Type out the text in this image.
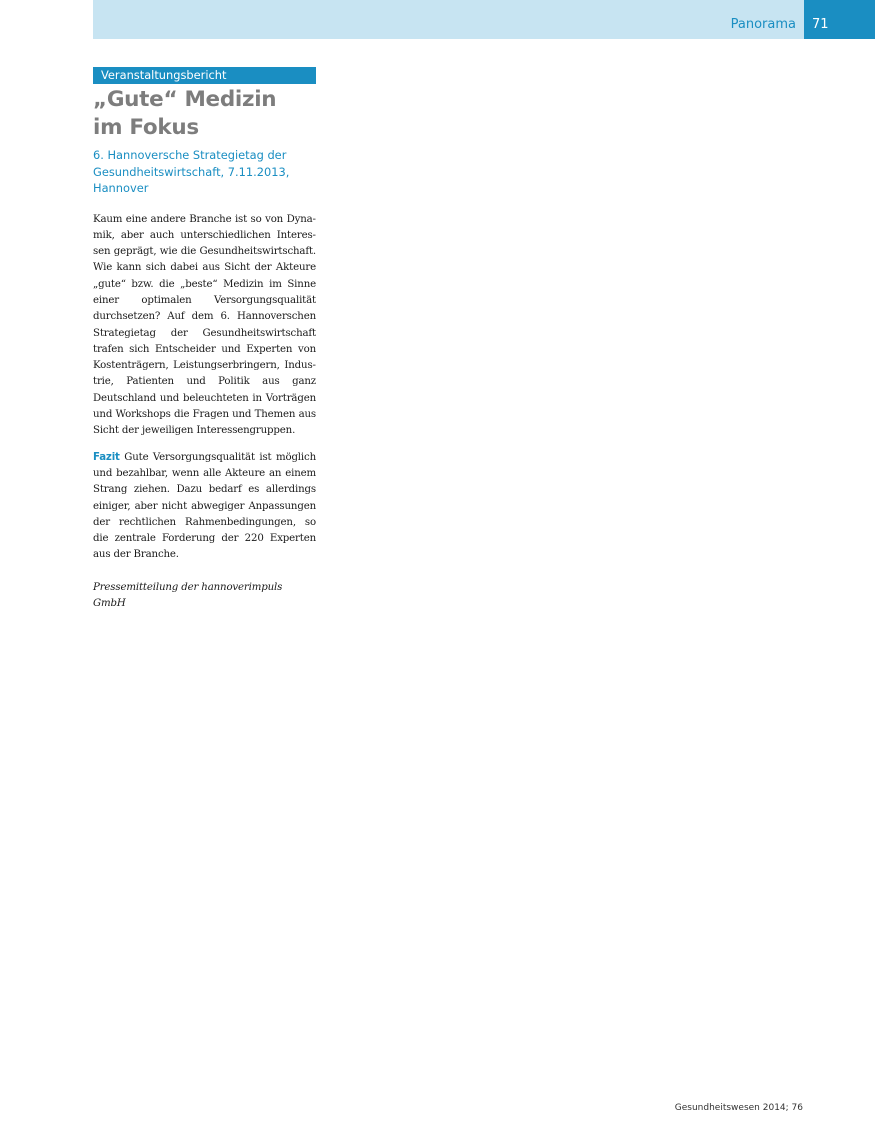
Panorama 71
Veranstaltungsbericht
„Gute“ Medizin
im Fokus

6. Hannoversche Strategietag der Gesundheitswirtschaft, 7.11.2013, Hannover

Kaum eine andere Branche ist so von Dynamik, aber auch unterschiedlichen Interessen geprägt, wie die Gesundheitswirtschaft. Wie kann sich dabei aus Sicht der Akteure „gute“ bzw. die „beste“ Medizin im Sinne einer optimalen Versorgungsqualität durchsetzen? Auf dem 6. Hannoverschen Strategietag der Gesundheitswirtschaft trafen sich Entscheider und Experten von Kostenträgern, Leistungserbringern, Industrie, Patienten und Politik aus ganz Deutschland und beleuchteten in Vorträgen und Workshops die Fragen und Themen aus Sicht der jeweiligen Interessengruppen.

Fazit Gute Versorgungsqualität ist möglich und bezahlbar, wenn alle Akteure an einem Strang ziehen. Dazu bedarf es allerdings einiger, aber nicht abwegiger Anpassungen der rechtlichen Rahmenbedingungen, so die zentrale Forderung der 220 Experten aus der Branche.

Pressemitteilung der hannoverimpuls GmbH

Gesundheitswesen 2014; 76
